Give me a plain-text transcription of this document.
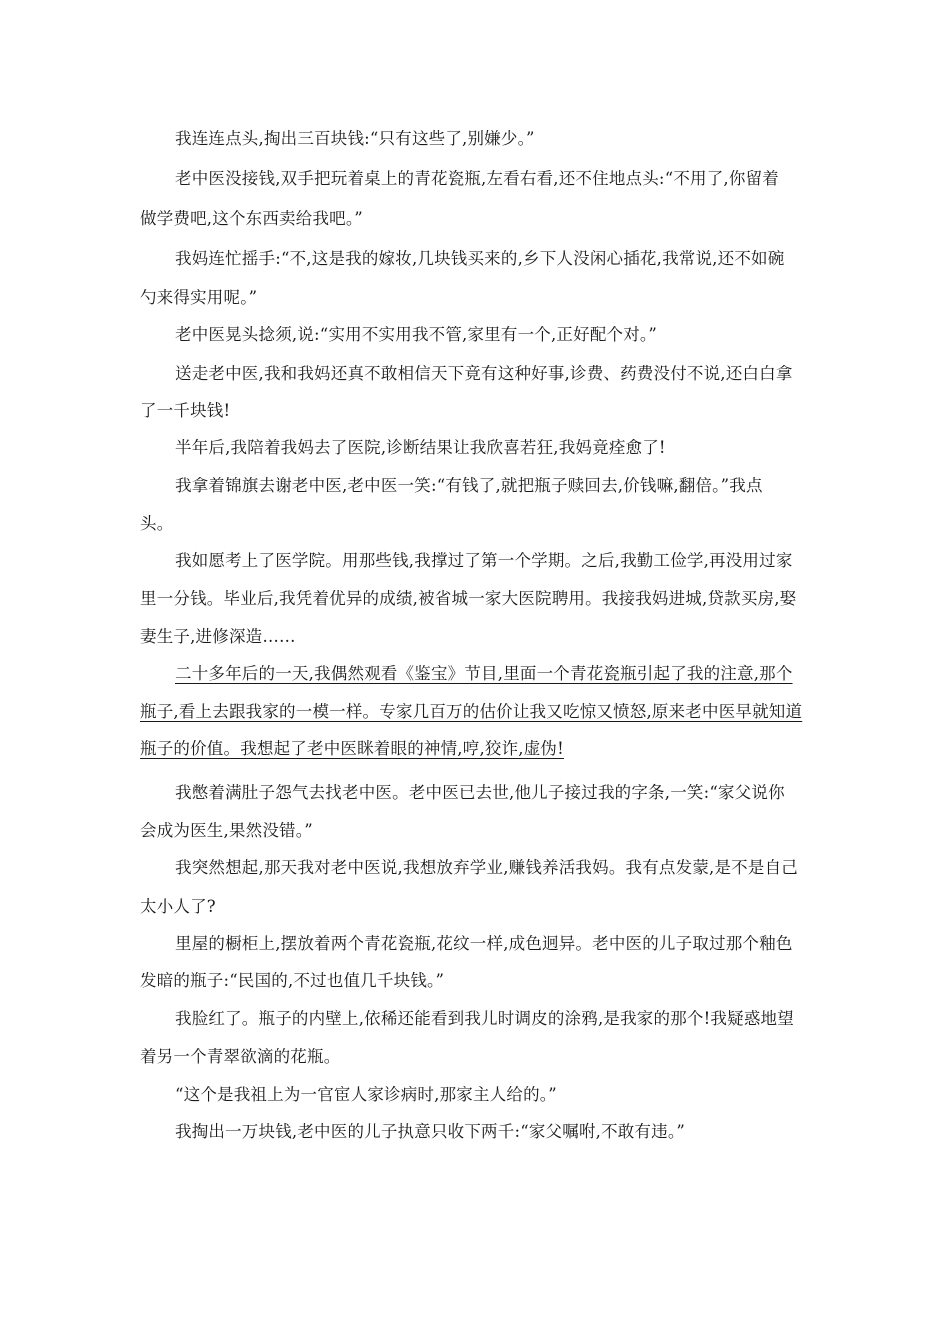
我连连点头,掏出三百块钱:“只有这些了,别嫌少。”
老中医没接钱,双手把玩着桌上的青花瓷瓶,左看右看,还不住地点头:“不用了,你留着
做学费吧,这个东西卖给我吧。”
我妈连忙摇手:“不,这是我的嫁妆,几块钱买来的,乡下人没闲心插花,我常说,还不如碗
勺来得实用呢。”
老中医晃头捻须,说:“实用不实用我不管,家里有一个,正好配个对。”
送走老中医,我和我妈还真不敢相信天下竟有这种好事,诊费、药费没付不说,还白白拿
了一千块钱!
半年后,我陪着我妈去了医院,诊断结果让我欣喜若狂,我妈竟痊愈了!
我拿着锦旗去谢老中医,老中医一笑:“有钱了,就把瓶子赎回去,价钱嘛,翻倍。”我点
头。
我如愿考上了医学院。用那些钱,我撑过了第一个学期。之后,我勤工俭学,再没用过家
里一分钱。毕业后,我凭着优异的成绩,被省城一家大医院聘用。我接我妈进城,贷款买房,娶
妻生子,进修深造……
二十多年后的一天,我偶然观看《鉴宝》节目,里面一个青花瓷瓶引起了我的注意,那个
瓶子,看上去跟我家的一模一样。专家几百万的估价让我又吃惊又愤怒,原来老中医早就知道
瓶子的价值。我想起了老中医眯着眼的神情,哼,狡诈,虚伪!
我憋着满肚子怨气去找老中医。老中医已去世,他儿子接过我的字条,一笑:“家父说你
会成为医生,果然没错。”
我突然想起,那天我对老中医说,我想放弃学业,赚钱养活我妈。我有点发蒙,是不是自己
太小人了?
里屋的橱柜上,摆放着两个青花瓷瓶,花纹一样,成色迥异。老中医的儿子取过那个釉色
发暗的瓶子:“民国的,不过也值几千块钱。”
我脸红了。瓶子的内壁上,依稀还能看到我儿时调皮的涂鸦,是我家的那个!我疑惑地望
着另一个青翠欲滴的花瓶。
“这个是我祖上为一官宦人家诊病时,那家主人给的。”
我掏出一万块钱,老中医的儿子执意只收下两千:“家父嘱咐,不敢有违。”
